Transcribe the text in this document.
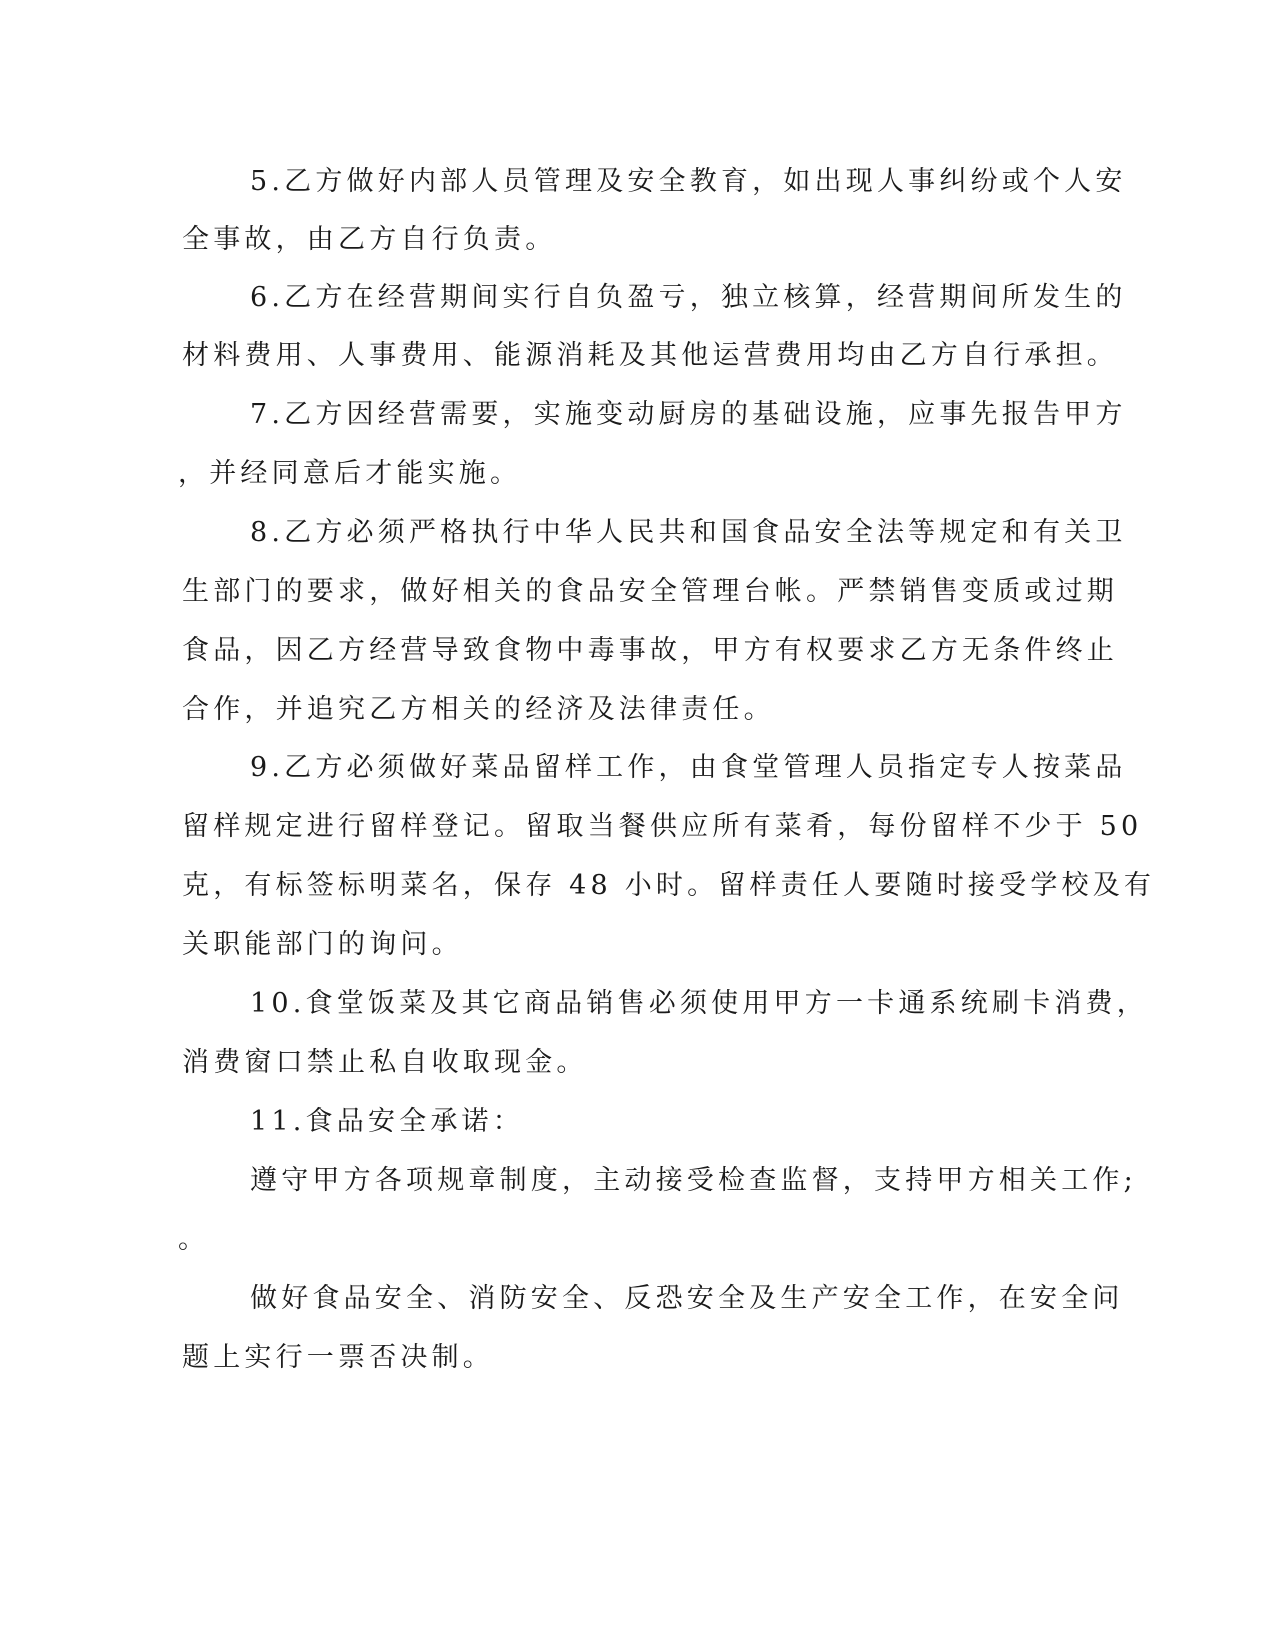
5.乙方做好内部人员管理及安全教育，如出现人事纠纷或个人安
全事故，由乙方自行负责。
6.乙方在经营期间实行自负盈亏，独立核算，经营期间所发生的
材料费用、人事费用、能源消耗及其他运营费用均由乙方自行承担。
7.乙方因经营需要，实施变动厨房的基础设施，应事先报告甲方
，并经同意后才能实施。
8.乙方必须严格执行中华人民共和国食品安全法等规定和有关卫
生部门的要求，做好相关的食品安全管理台帐。严禁销售变质或过期
食品，因乙方经营导致食物中毒事故，甲方有权要求乙方无条件终止
合作，并追究乙方相关的经济及法律责任。
9.乙方必须做好菜品留样工作，由食堂管理人员指定专人按菜品
留样规定进行留样登记。留取当餐供应所有菜肴，每份留样不少于 50
克，有标签标明菜名，保存 48 小时。留样责任人要随时接受学校及有
关职能部门的询问。
10.食堂饭菜及其它商品销售必须使用甲方一卡通系统刷卡消费，
消费窗口禁止私自收取现金。
11.食品安全承诺：
遵守甲方各项规章制度，主动接受检查监督，支持甲方相关工作;
。
做好食品安全、消防安全、反恐安全及生产安全工作，在安全问
题上实行一票否决制。
